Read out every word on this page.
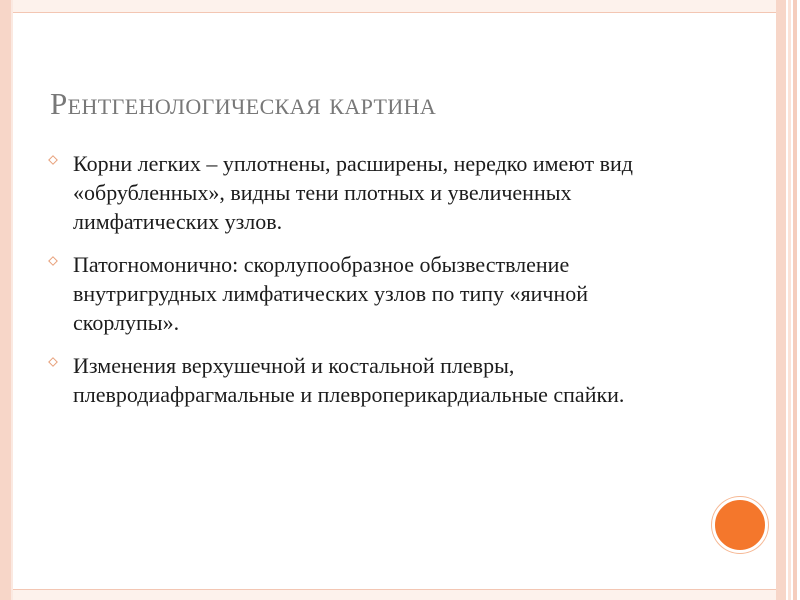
Рентгенологическая картина
Корни легких – уплотнены, расширены, нередко имеют вид «обрубленных», видны тени плотных и увеличенных лимфатических узлов.
Патогномонично: скорлупообразное обызвествление внутригрудных лимфатических узлов по типу «яичной скорлупы».
Изменения верхушечной и костальной плевры, плевродиафрагмальные и плевроперикардиальные спайки.
